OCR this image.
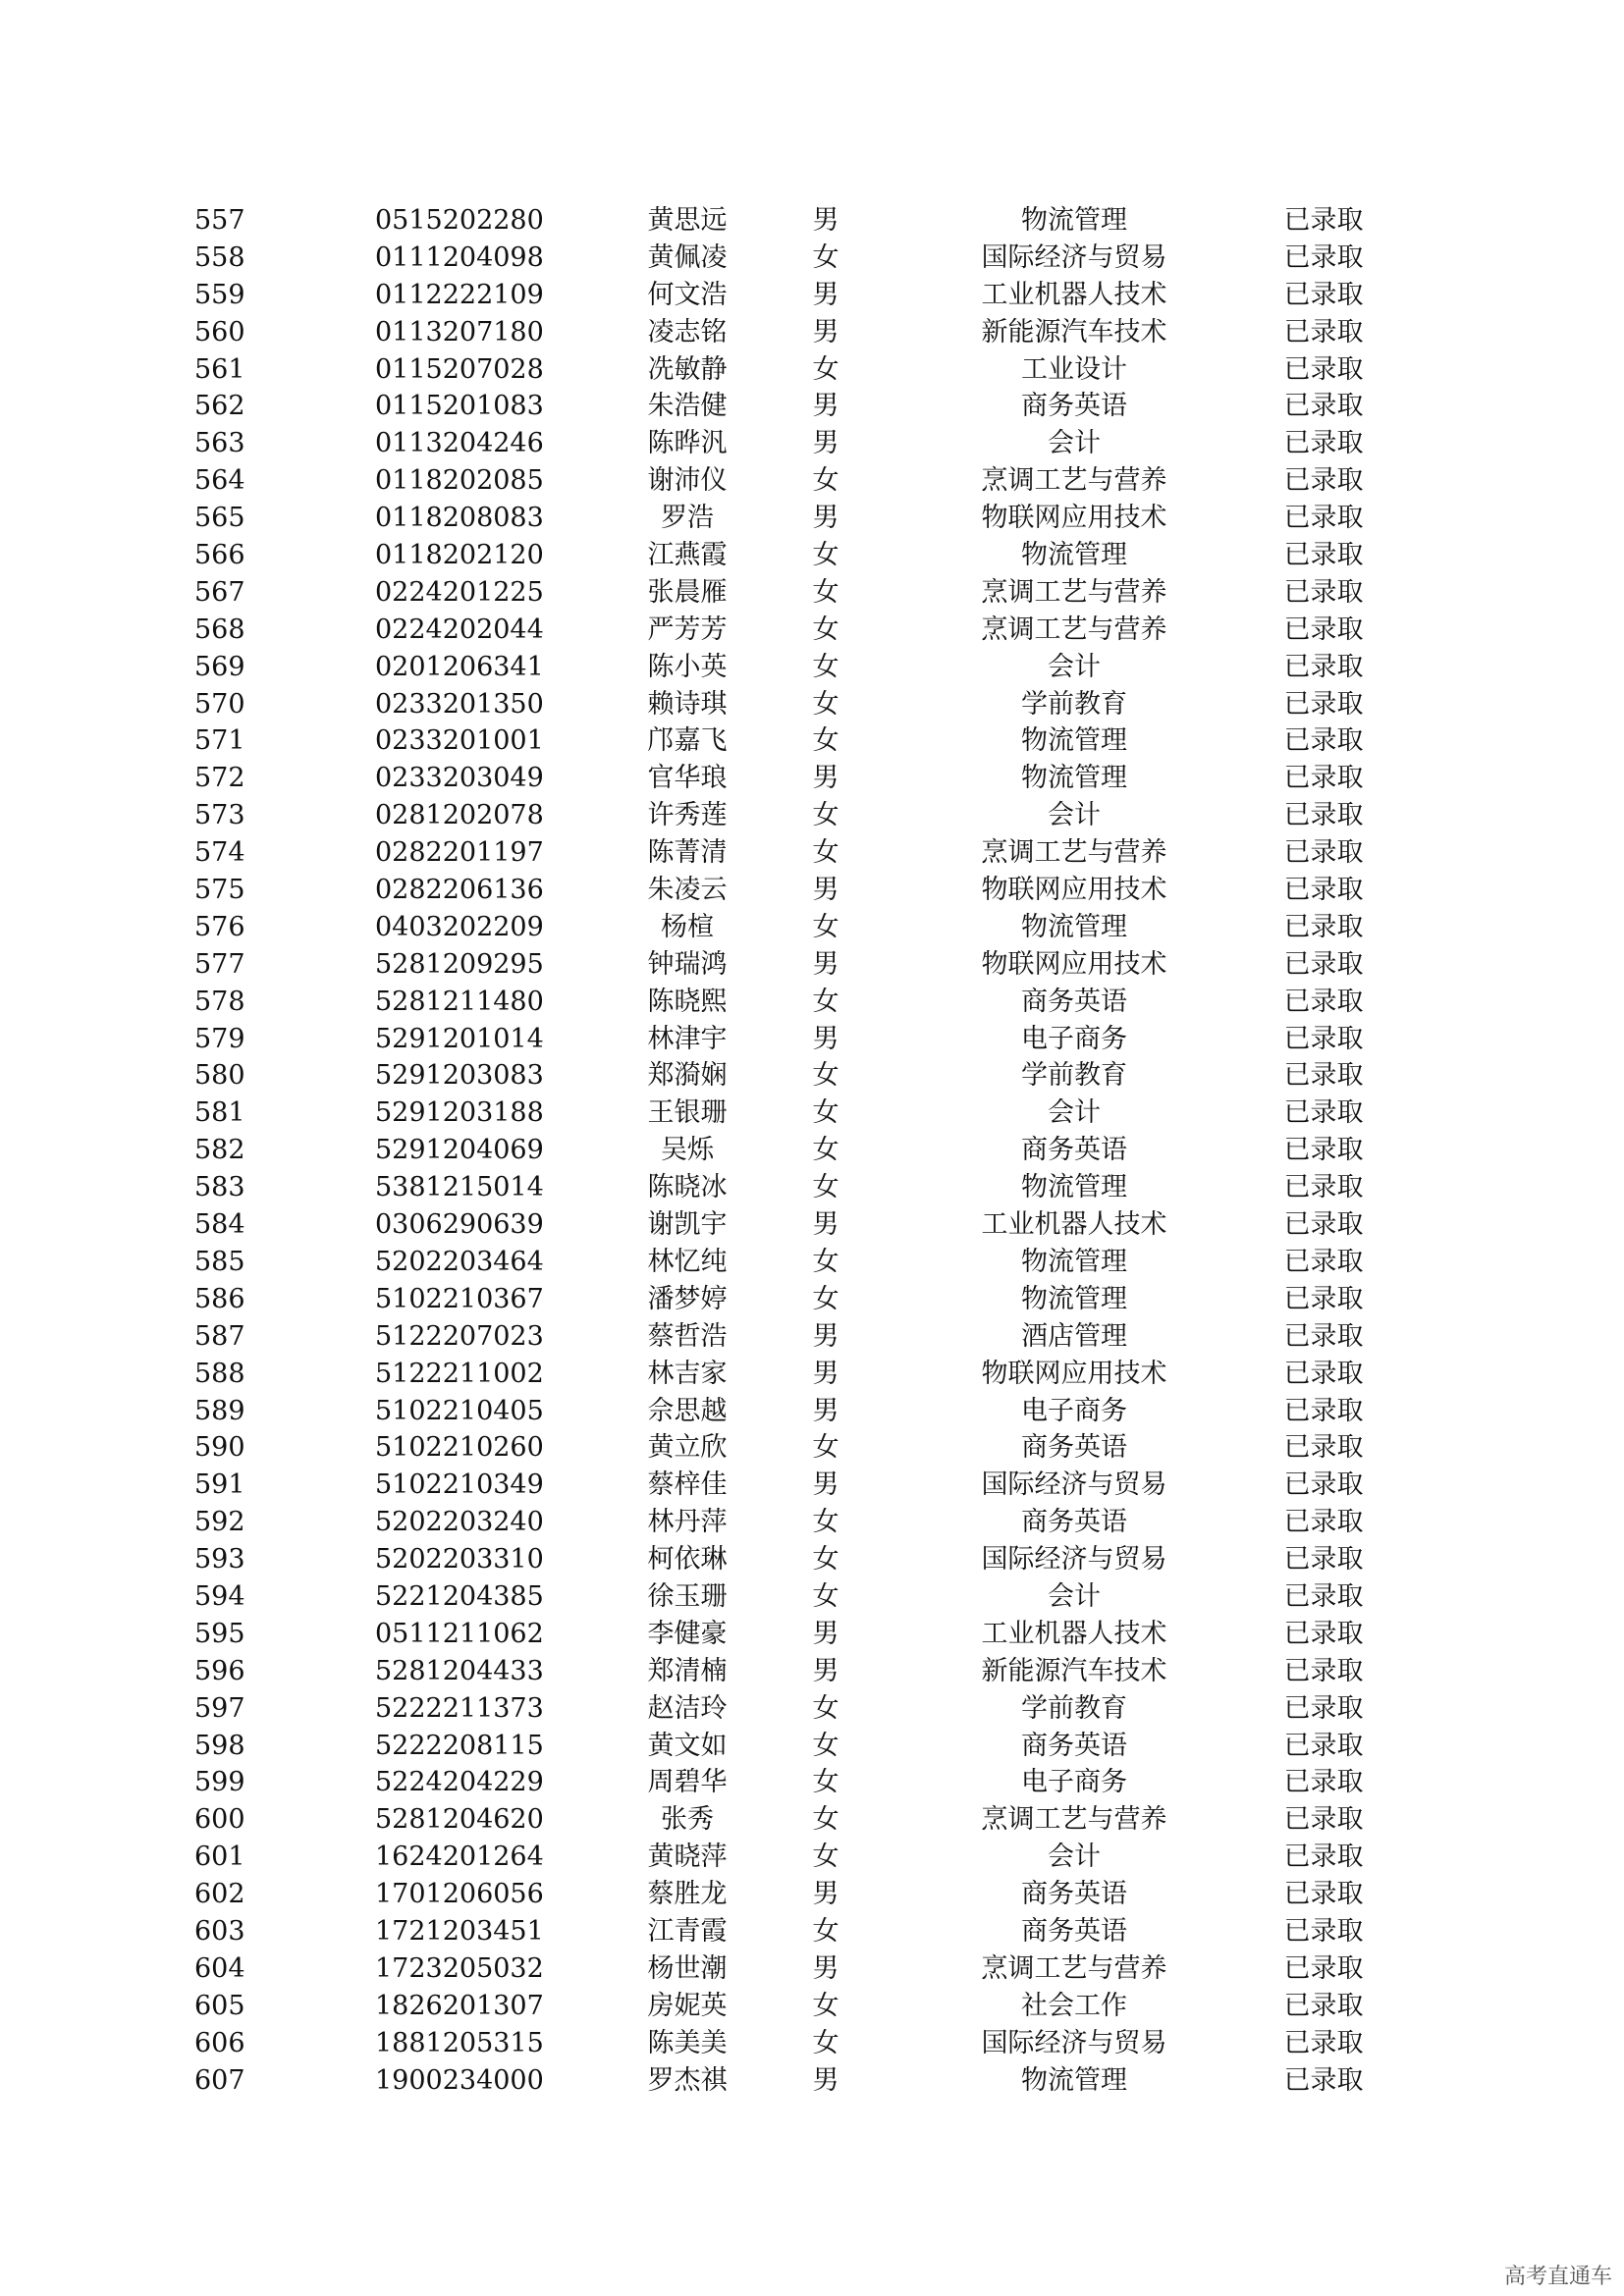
557	0515202280	黄思远	男	物流管理	已录取
558	0111204098	黄佩凌	女	国际经济与贸易	已录取
559	0112222109	何文浩	男	工业机器人技术	已录取
560	0113207180	凌志铭	男	新能源汽车技术	已录取
561	0115207028	冼敏静	女	工业设计	已录取
562	0115201083	朱浩健	男	商务英语	已录取
563	0113204246	陈晔汎	男	会计	已录取
564	0118202085	谢沛仪	女	烹调工艺与营养	已录取
565	0118208083	罗浩	男	物联网应用技术	已录取
566	0118202120	江燕霞	女	物流管理	已录取
567	0224201225	张晨雁	女	烹调工艺与营养	已录取
568	0224202044	严芳芳	女	烹调工艺与营养	已录取
569	0201206341	陈小英	女	会计	已录取
570	0233201350	赖诗琪	女	学前教育	已录取
571	0233201001	邝嘉飞	女	物流管理	已录取
572	0233203049	官华琅	男	物流管理	已录取
573	0281202078	许秀莲	女	会计	已录取
574	0282201197	陈菁清	女	烹调工艺与营养	已录取
575	0282206136	朱凌云	男	物联网应用技术	已录取
576	0403202209	杨楦	女	物流管理	已录取
577	5281209295	钟瑞鸿	男	物联网应用技术	已录取
578	5281211480	陈晓熙	女	商务英语	已录取
579	5291201014	林津宇	男	电子商务	已录取
580	5291203083	郑漪娴	女	学前教育	已录取
581	5291203188	王银珊	女	会计	已录取
582	5291204069	吴烁	女	商务英语	已录取
583	5381215014	陈晓冰	女	物流管理	已录取
584	0306290639	谢凯宇	男	工业机器人技术	已录取
585	5202203464	林忆纯	女	物流管理	已录取
586	5102210367	潘梦婷	女	物流管理	已录取
587	5122207023	蔡哲浩	男	酒店管理	已录取
588	5122211002	林吉家	男	物联网应用技术	已录取
589	5102210405	佘思越	男	电子商务	已录取
590	5102210260	黄立欣	女	商务英语	已录取
591	5102210349	蔡梓佳	男	国际经济与贸易	已录取
592	5202203240	林丹萍	女	商务英语	已录取
593	5202203310	柯依琳	女	国际经济与贸易	已录取
594	5221204385	徐玉珊	女	会计	已录取
595	0511211062	李健豪	男	工业机器人技术	已录取
596	5281204433	郑清楠	男	新能源汽车技术	已录取
597	5222211373	赵洁玲	女	学前教育	已录取
598	5222208115	黄文如	女	商务英语	已录取
599	5224204229	周碧华	女	电子商务	已录取
600	5281204620	张秀	女	烹调工艺与营养	已录取
601	1624201264	黄晓萍	女	会计	已录取
602	1701206056	蔡胜龙	男	商务英语	已录取
603	1721203451	江青霞	女	商务英语	已录取
604	1723205032	杨世潮	男	烹调工艺与营养	已录取
605	1826201307	房妮英	女	社会工作	已录取
606	1881205315	陈美美	女	国际经济与贸易	已录取
607	1900234000	罗杰祺	男	物流管理	已录取
高考直通车
